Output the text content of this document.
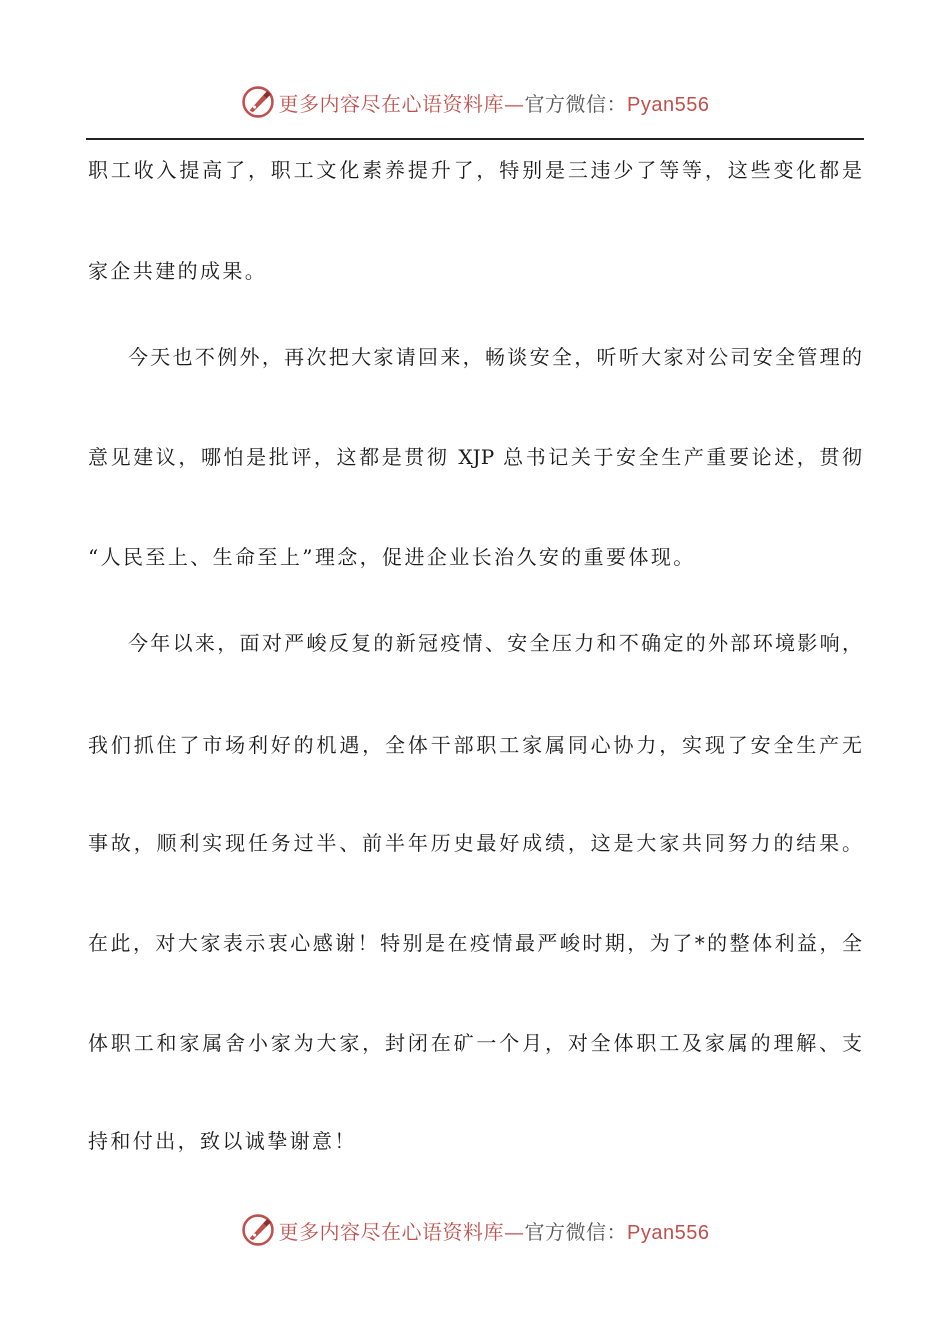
更多内容尽在心语资料库—官方微信：Pyan556
职工收入提高了，职工文化素养提升了，特别是三违少了等等，这些变化都是
家企共建的成果。
今天也不例外，再次把大家请回来，畅谈安全，听听大家对公司安全管理的
意见建议，哪怕是批评，这都是贯彻 XJP 总书记关于安全生产重要论述，贯彻
“人民至上、生命至上”理念，促进企业长治久安的重要体现。
今年以来，面对严峻反复的新冠疫情、安全压力和不确定的外部环境影响，
我们抓住了市场利好的机遇，全体干部职工家属同心协力，实现了安全生产无
事故，顺利实现任务过半、前半年历史最好成绩，这是大家共同努力的结果。
在此，对大家表示衷心感谢！特别是在疫情最严峻时期，为了*的整体利益，全
体职工和家属舍小家为大家，封闭在矿一个月，对全体职工及家属的理解、支
持和付出，致以诚挚谢意！
更多内容尽在心语资料库—官方微信：Pyan556
